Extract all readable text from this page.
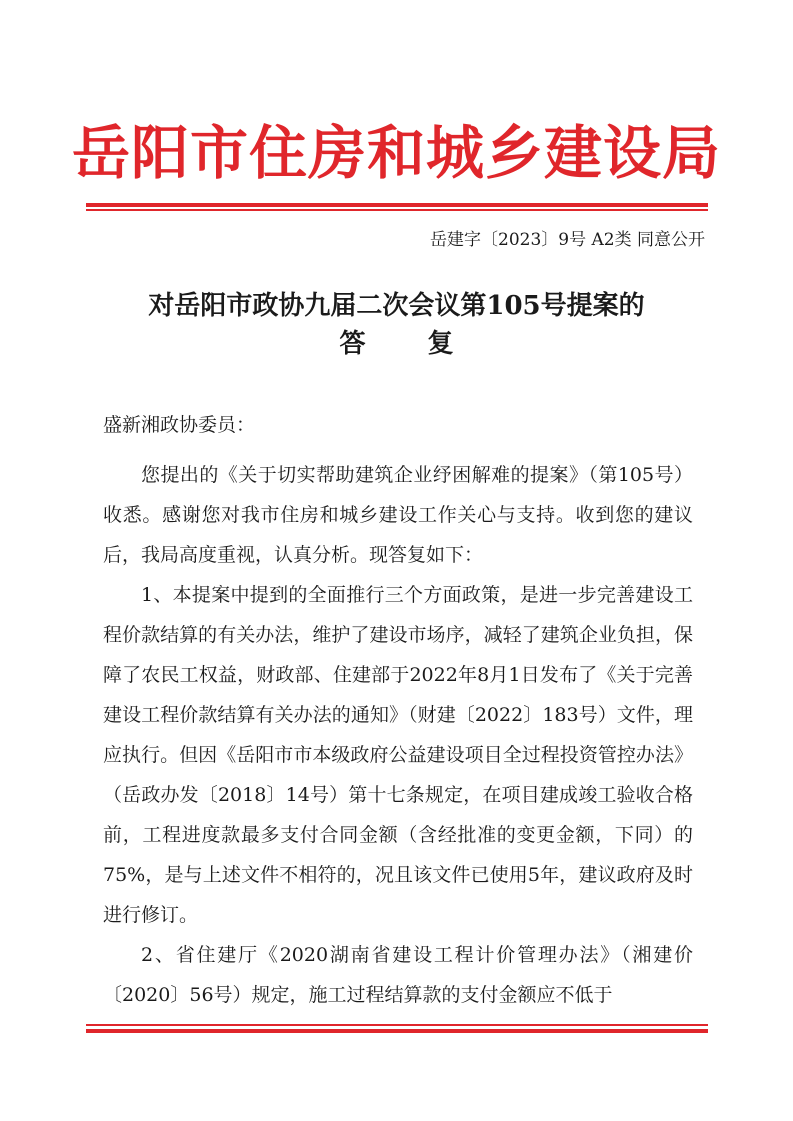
岳阳市住房和城乡建设局
岳建字〔2023〕9号 A2类 同意公开
对岳阳市政协九届二次会议第105号提案的
答复
盛新湘政协委员：

您提出的《关于切实帮助建筑企业纾困解难的提案》（第105号）收悉。感谢您对我市住房和城乡建设工作关心与支持。收到您的建议后，我局高度重视，认真分析。现答复如下：

1、本提案中提到的全面推行三个方面政策，是进一步完善建设工程价款结算的有关办法，维护了建设市场序，减轻了建筑企业负担，保障了农民工权益，财政部、住建部于2022年8月1日发布了《关于完善建设工程价款结算有关办法的通知》（财建〔2022〕183号）文件，理应执行。但因《岳阳市市本级政府公益建设项目全过程投资管控办法》（岳政办发〔2018〕14号）第十七条规定，在项目建成竣工验收合格前，工程进度款最多支付合同金额（含经批准的变更金额，下同）的75%，是与上述文件不相符的，况且该文件已使用5年，建议政府及时进行修订。

2、省住建厅《2020湖南省建设工程计价管理办法》（湘建价〔2020〕56号）规定，施工过程结算款的支付金额应不低于
